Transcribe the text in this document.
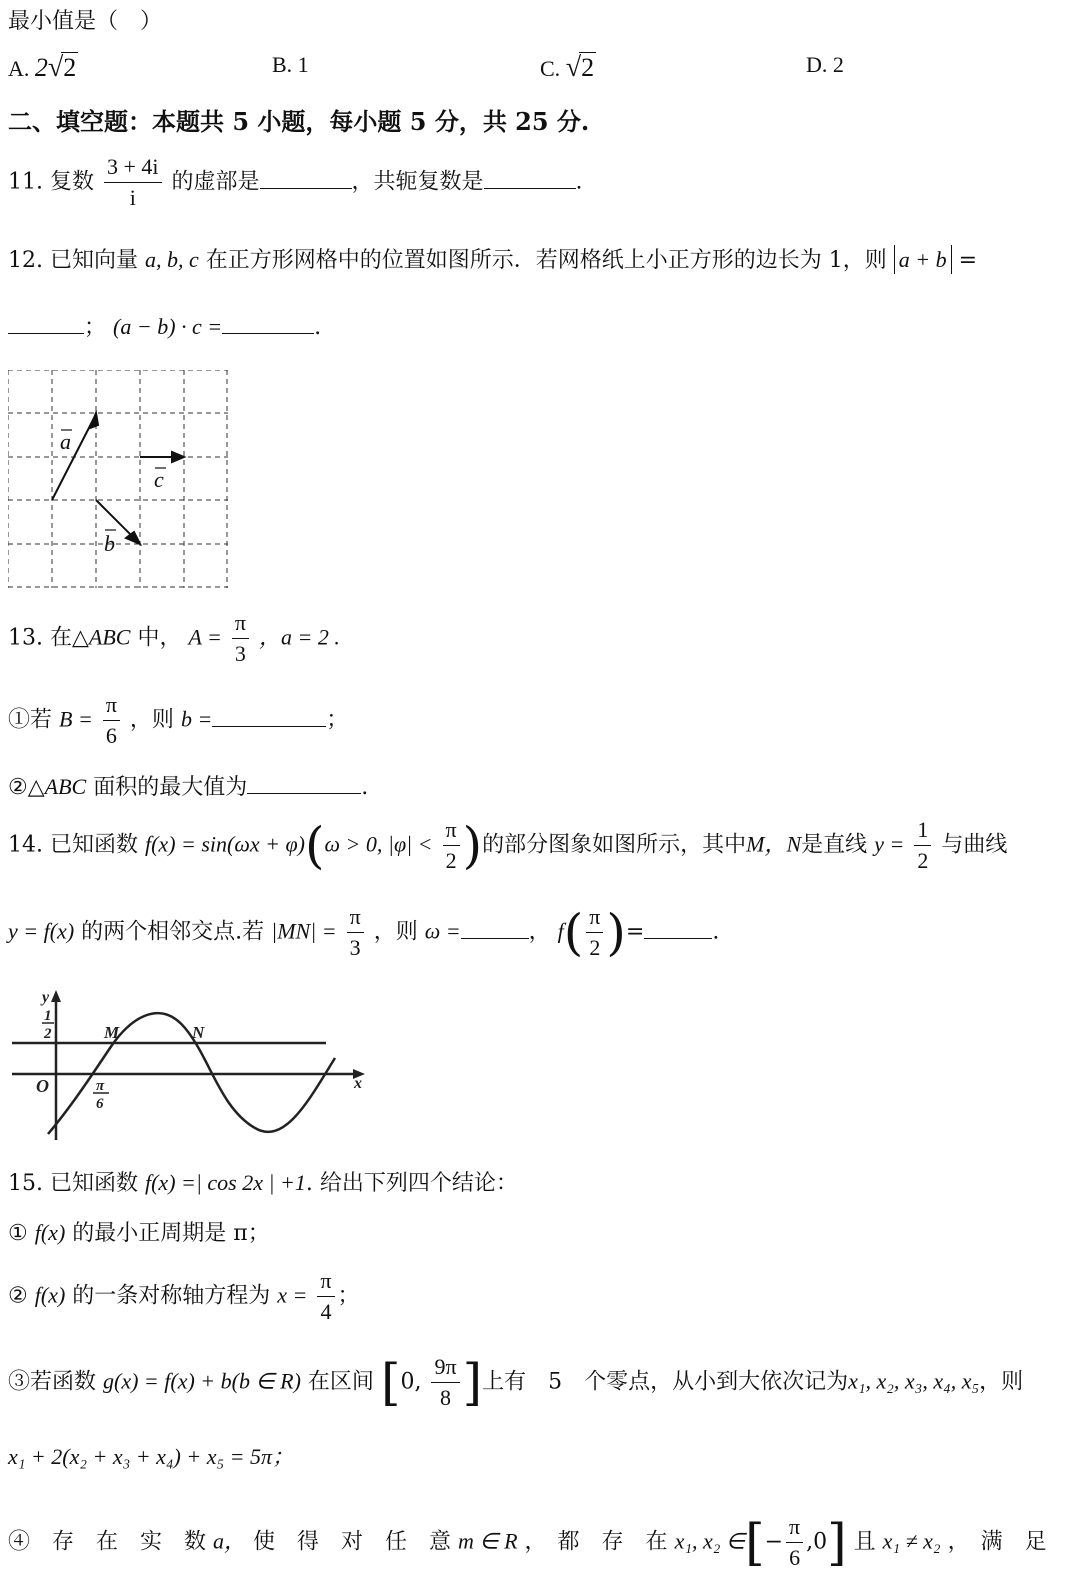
最小值是（　）
A. 2√2	B. 1	C. √2	D. 2
二、填空题：本题共 5 小题，每小题 5 分，共 25 分.
11. 复数 $\frac{3 + 4i}{i}$ 的虚部是	，共轭复数是	.
12. 已知向量 a, b, c 在正方形网格中的位置如图所示．若网格纸上小正方形的边长为 1，则 a + b =
； (a − b) · c =	.
a
c
b
13. 在△ABC 中， $A = \frac{\pi}{3}$ ，a = 2 .
①若 $B = \frac{\pi}{6}$ ，则 b =	；
②△ABC 面积的最大值为	.
14. 已知函数 f(x) = sin(ωx + φ)(ω > 0, $|\varphi| < \frac{\pi}{2}$ )的部分图象如图所示，其中M，N是直线 $y = \frac{1}{2}$ 与曲线
y = f(x) 的两个相邻交点.若 $|MN| = \frac{\pi}{3}$ ，则 ω =	， $f( \frac{\pi}{2}$ )=	.
y
1
2	M	N
O	π
6
x
15. 已知函数 f(x) =| cos 2x | +1. 给出下列四个结论：
① f(x) 的最小正周期是 π；
② f(x) 的一条对称轴方程为 $x = \frac{\pi}{4}$ ；
③若函数 g(x) = f(x) + b(b ∈ R) 在区间 [0, $\frac{9\pi}{8}$ ]上有　5　个零点，从小到大依次记为x₁, x₂, x₃, x₄, x₅，则
x₁ + 2(x₂ + x₃ + x₄) + x₅ = 5π；
④　存　在　实　数 a， 使　得　对　任　意 m ∈ R ，　都　存　在 x₁, x₂ ∈[− $\frac{\pi}{6} ,0$] 且 x₁ ≠ x₂ ，　满　足
